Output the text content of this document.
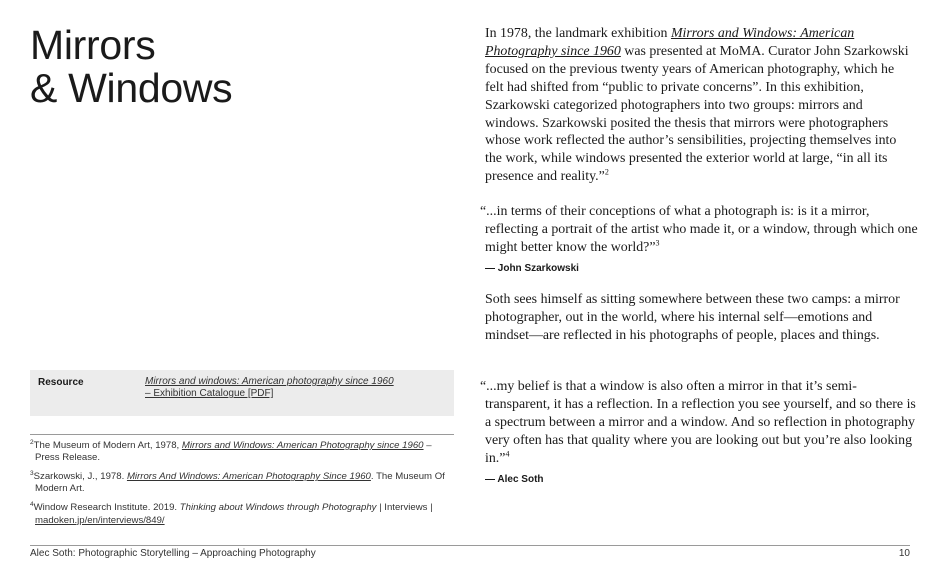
Mirrors
& Windows
Resource	Mirrors and windows: American photography since 1960
– Exhibition Catalogue [PDF]
$^2$The Museum of Modern Art, 1978, Mirrors and Windows: American Photography since 1960 – Press Release.
$^3$Szarkowski, J., 1978. Mirrors And Windows: American Photography Since 1960. The Museum Of Modern Art.
$^4$Window Research Institute. 2019. Thinking about Windows through Photography | Interviews | madoken.jp/en/interviews/849/

In 1978, the landmark exhibition Mirrors and Windows: American Photography since 1960 was presented at MoMA. Curator John Szarkowski focused on the previous twenty years of American photography, which he felt had shifted from “public to private concerns”. In this exhibition, Szarkowski categorized photographers into two groups: mirrors and windows. Szarkowski posited the thesis that mirrors were photographers whose work reflected the author’s sensibilities, projecting themselves into the work, while windows presented the exterior world at large, “in all its presence and reality.”$^2$

“...in terms of their conceptions of what a photograph is: is it a mirror, reflecting a portrait of the artist who made it, or a window, through which one might better know the world?”$^3$

— John Szarkowski

Soth sees himself as sitting somewhere between these two camps: a mirror photographer, out in the world, where his internal self—emotions and mindset—are reflected in his photographs of people, places and things.

“...my belief is that a window is also often a mirror in that it’s semi-transparent, it has a reflection. In a reflection you see yourself, and so there is a spectrum between a mirror and a window. And so reflection in photography very often has that quality where you are looking out but you’re also looking in.”$^4$

— Alec Soth
Alec Soth: Photographic Storytelling – Approaching Photography	10
